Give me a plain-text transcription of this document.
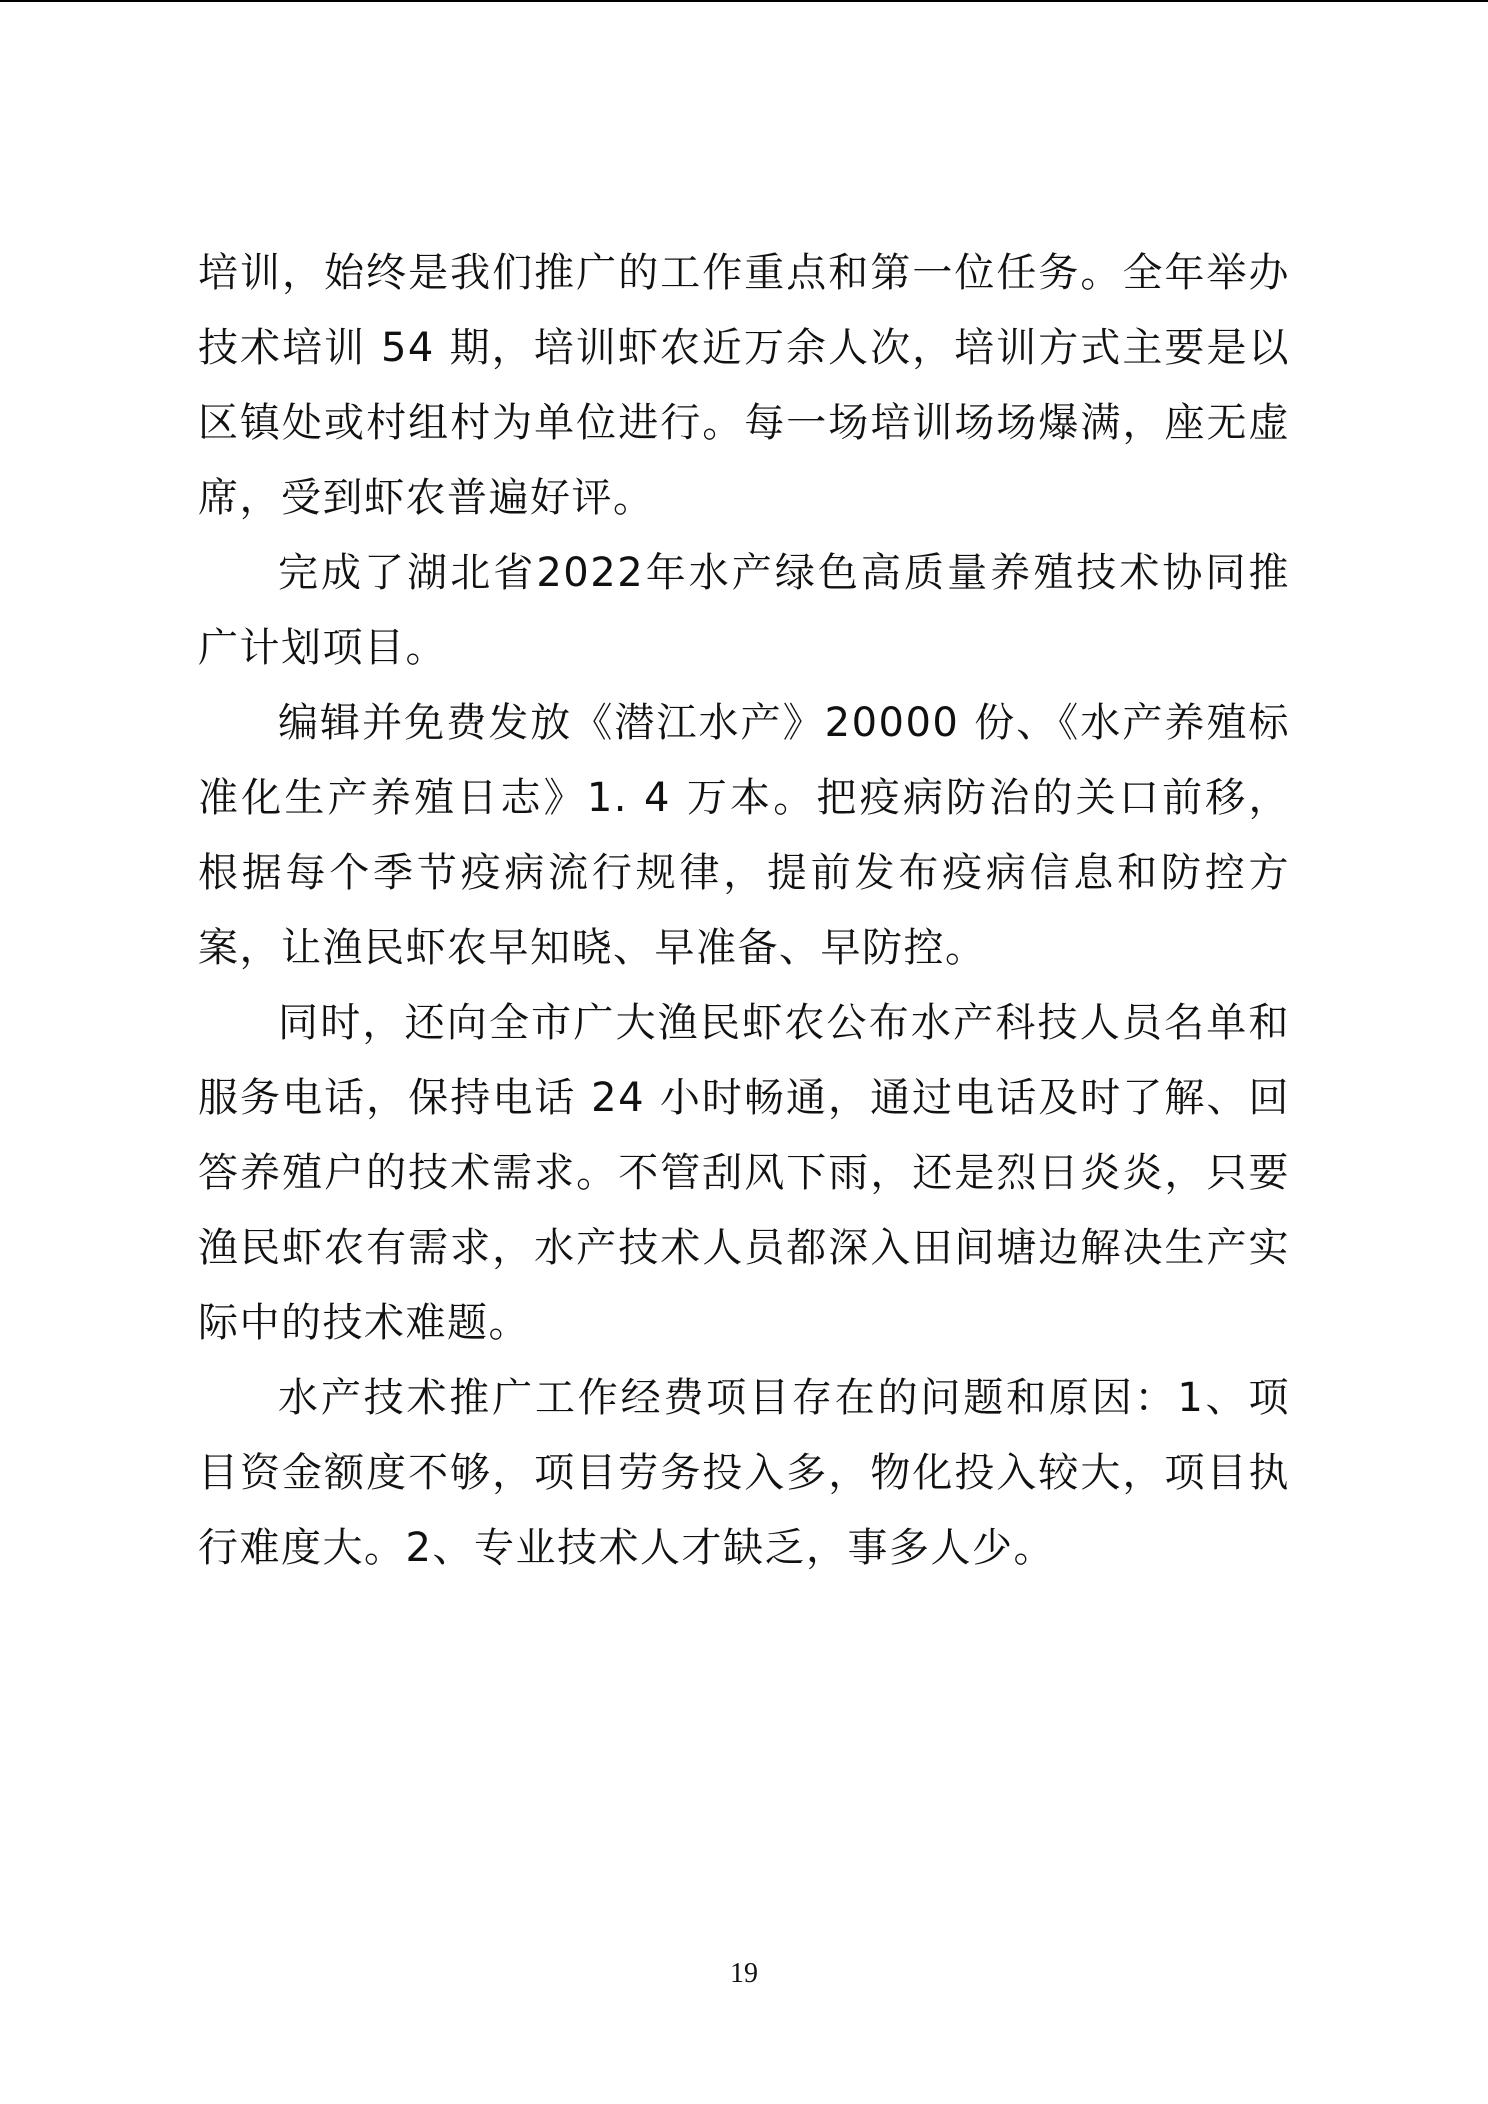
培训，始终是我们推广的工作重点和第一位任务。全年举办技术培训 54 期，培训虾农近万余人次，培训方式主要是以区镇处或村组村为单位进行。每一场培训场场爆满，座无虚席，受到虾农普遍好评。

完成了湖北省2022年水产绿色高质量养殖技术协同推广计划项目。

编辑并免费发放《潜江水产》20000 份、《水产养殖标准化生产养殖日志》1. 4 万本。把疫病防治的关口前移，根据每个季节疫病流行规律，提前发布疫病信息和防控方案，让渔民虾农早知晓、早准备、早防控。

同时，还向全市广大渔民虾农公布水产科技人员名单和服务电话，保持电话 24 小时畅通，通过电话及时了解、回答养殖户的技术需求。不管刮风下雨，还是烈日炎炎，只要渔民虾农有需求，水产技术人员都深入田间塘边解决生产实际中的技术难题。

水产技术推广工作经费项目存在的问题和原因：1、项目资金额度不够，项目劳务投入多，物化投入较大，项目执行难度大。2、专业技术人才缺乏，事多人少。

19
